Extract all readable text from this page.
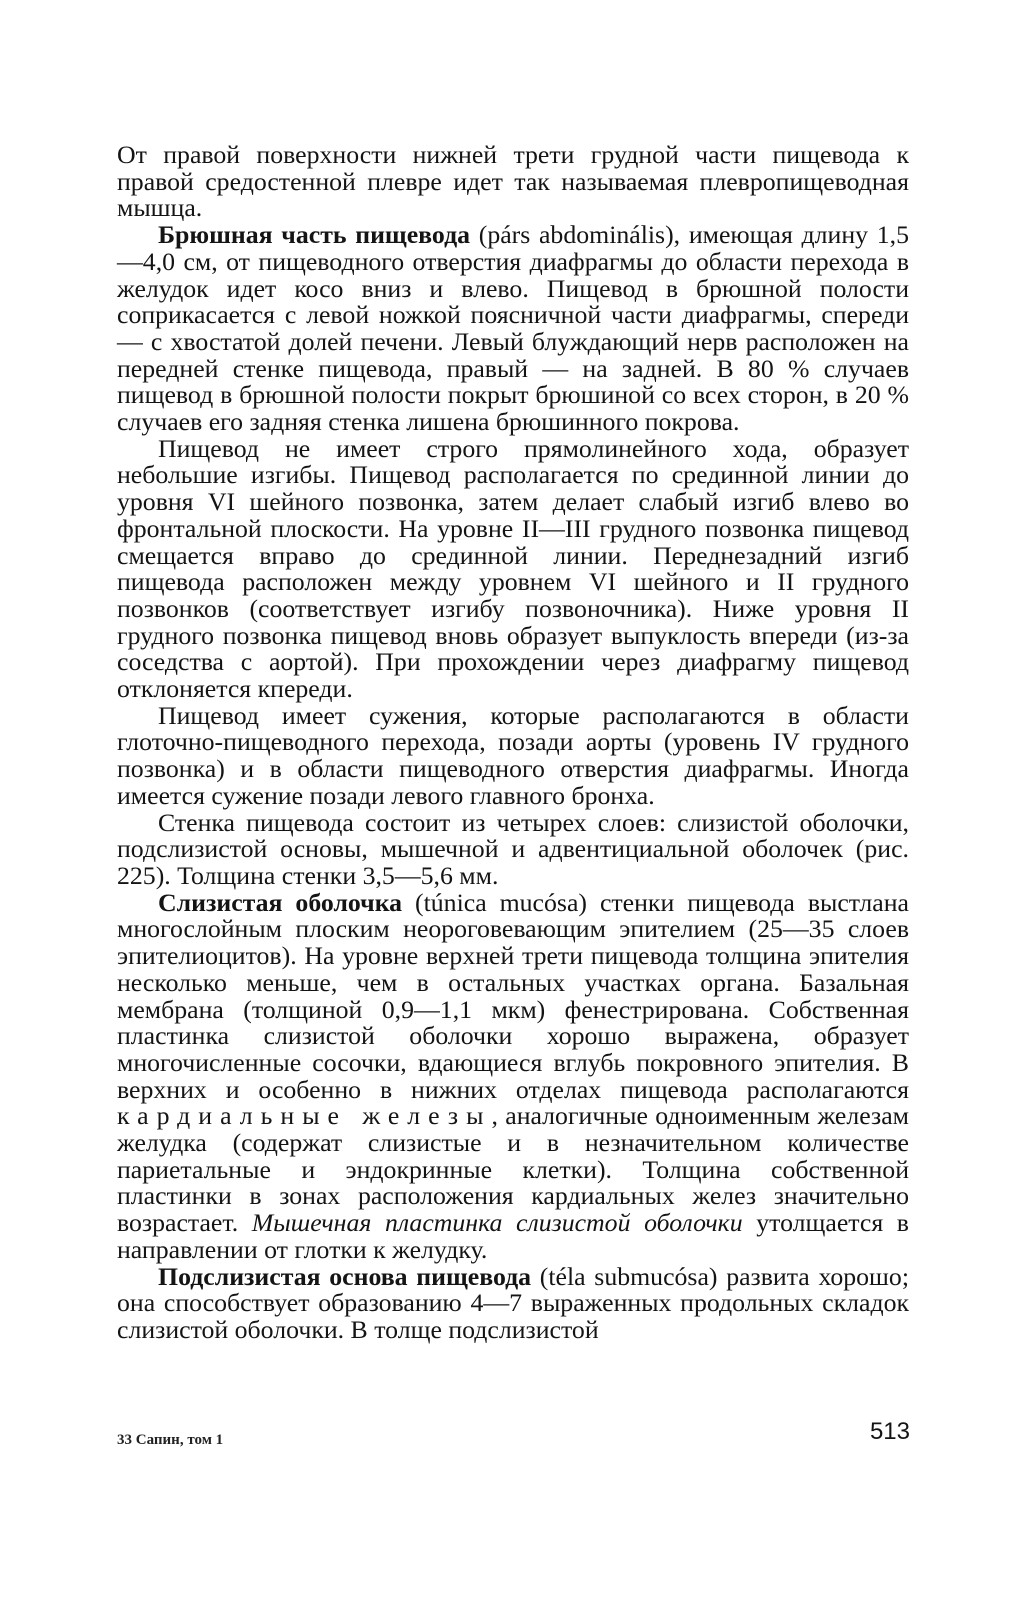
От правой поверхности нижней трети грудной части пищевода к правой средостенной плевре идет так называемая плевропищеводная мышца.

Брюшная часть пищевода (párs abdominális), имеющая длину 1,5—4,0 см, от пищеводного отверстия диафрагмы до области перехода в желудок идет косо вниз и влево. Пищевод в брюшной полости соприкасается с левой ножкой поясничной части диафрагмы, спереди — с хвостатой долей печени. Левый блуждающий нерв расположен на передней стенке пищевода, правый — на задней. В 80 % случаев пищевод в брюшной полости покрыт брюшиной со всех сторон, в 20 % случаев его задняя стенка лишена брюшинного покрова.

Пищевод не имеет строго прямолинейного хода, образует небольшие изгибы. Пищевод располагается по срединной линии до уровня VI шейного позвонка, затем делает слабый изгиб влево во фронтальной плоскости. На уровне II—III грудного позвонка пищевод смещается вправо до срединной линии. Переднезадний изгиб пищевода расположен между уровнем VI шейного и II грудного позвонков (соответствует изгибу позвоночника). Ниже уровня II грудного позвонка пищевод вновь образует выпуклость впереди (из-за соседства с аортой). При прохождении через диафрагму пищевод отклоняется кпереди.

Пищевод имеет сужения, которые располагаются в области глоточно-пищеводного перехода, позади аорты (уровень IV грудного позвонка) и в области пищеводного отверстия диафрагмы. Иногда имеется сужение позади левого главного бронха.

Стенка пищевода состоит из четырех слоев: слизистой оболочки, подслизистой основы, мышечной и адвентициальной оболочек (рис. 225). Толщина стенки 3,5—5,6 мм.

Слизистая оболочка (túnica mucósa) стенки пищевода выстлана многослойным плоским неороговевающим эпителием (25—35 слоев эпителиоцитов). На уровне верхней трети пищевода толщина эпителия несколько меньше, чем в остальных участках органа. Базальная мембрана (толщиной 0,9—1,1 мкм) фенестрирована. Собственная пластинка слизистой оболочки хорошо выражена, образует многочисленные сосочки, вдающиеся вглубь покровного эпителия. В верхних и особенно в нижних отделах пищевода располагаются кардиальные железы, аналогичные одноименным железам желудка (содержат слизистые и в незначительном количестве париетальные и эндокринные клетки). Толщина собственной пластинки в зонах расположения кардиальных желез значительно возрастает. Мышечная пластинка слизистой оболочки утолщается в направлении от глотки к желудку.

Подслизистая основа пищевода (téla submucósa) развита хорошо; она способствует образованию 4—7 выраженных продольных складок слизистой оболочки. В толще подслизистой

33 Сапин, том 1	513
